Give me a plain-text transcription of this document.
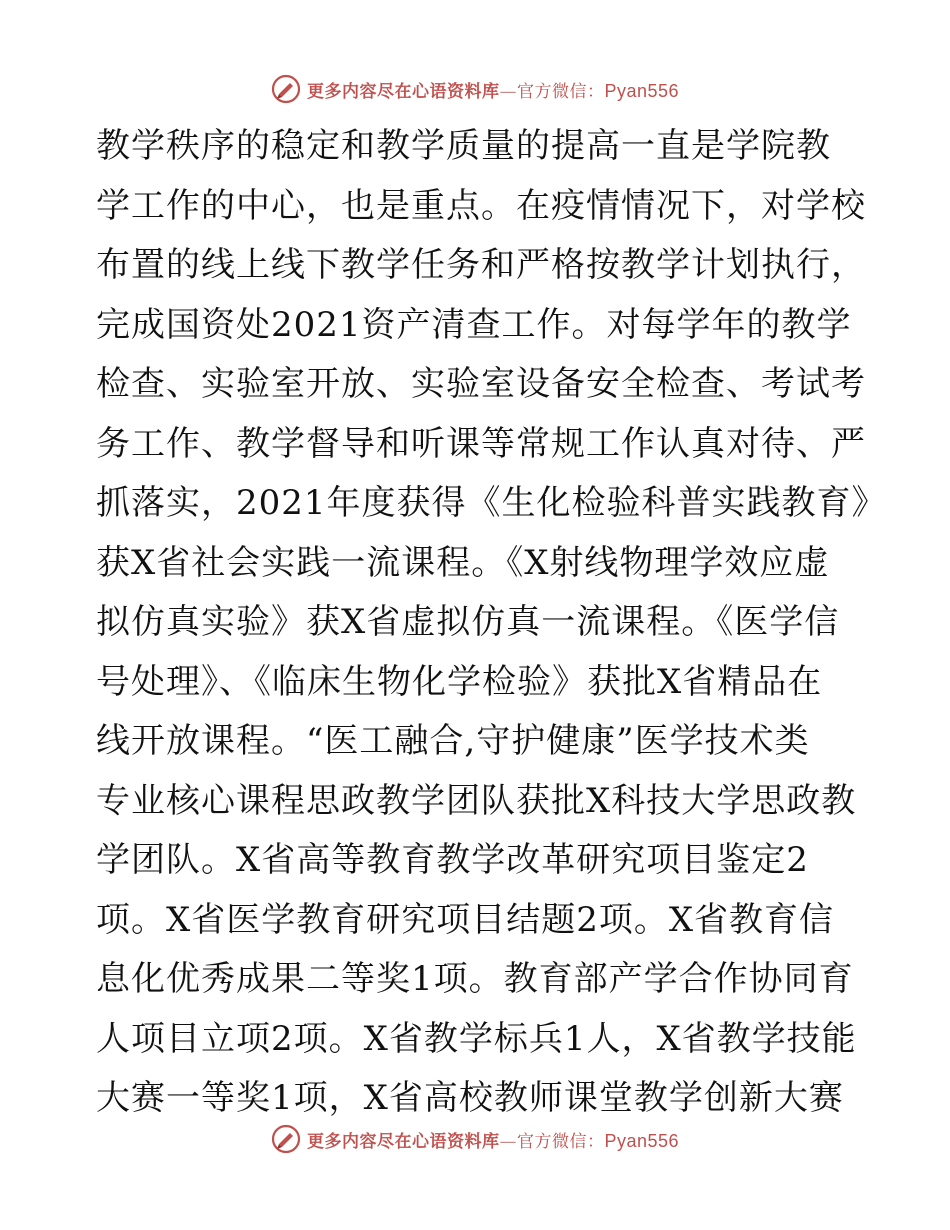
更多内容尽在心语资料库—官方微信：Pyan556
教学秩序的稳定和教学质量的提高一直是学院教
学工作的中心，也是重点。在疫情情况下，对学校
布置的线上线下教学任务和严格按教学计划执行，
完成国资处2021资产清查工作。对每学年的教学
检查、实验室开放、实验室设备安全检查、考试考
务工作、教学督导和听课等常规工作认真对待、严
抓落实，2021年度获得《生化检验科普实践教育》
获X省社会实践一流课程。《X射线物理学效应虚
拟仿真实验》获X省虚拟仿真一流课程。《医学信
号处理》、《临床生物化学检验》获批X省精品在
线开放课程。“医工融合,守护健康”医学技术类
专业核心课程思政教学团队获批X科技大学思政教
学团队。X省高等教育教学改革研究项目鉴定2
项。X省医学教育研究项目结题2项。X省教育信
息化优秀成果二等奖1项。教育部产学合作协同育
人项目立项2项。X省教学标兵1人，X省教学技能
大赛一等奖1项，X省高校教师课堂教学创新大赛
更多内容尽在心语资料库—官方微信：Pyan556
